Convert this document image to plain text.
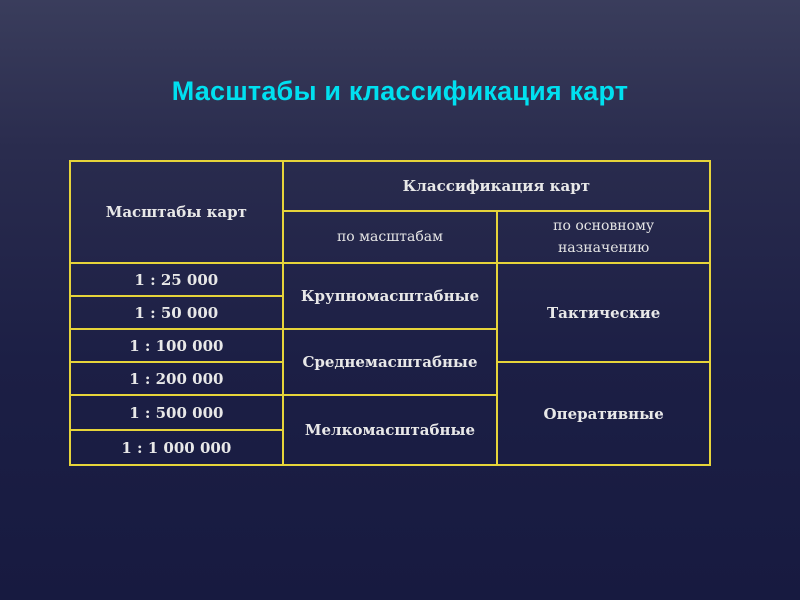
Масштабы и классификация карт
Масштабы карт	Классификация карт	
	по масштабам	по основному
назначению
1 : 25 000	Крупномасштабные	Тактические
1 : 50 000		
1 : 100 000	Среднемасштабные	
1 : 200 000		Оперативные
1 : 500 000	Мелкомасштабные	
1 : 1 000 000		
